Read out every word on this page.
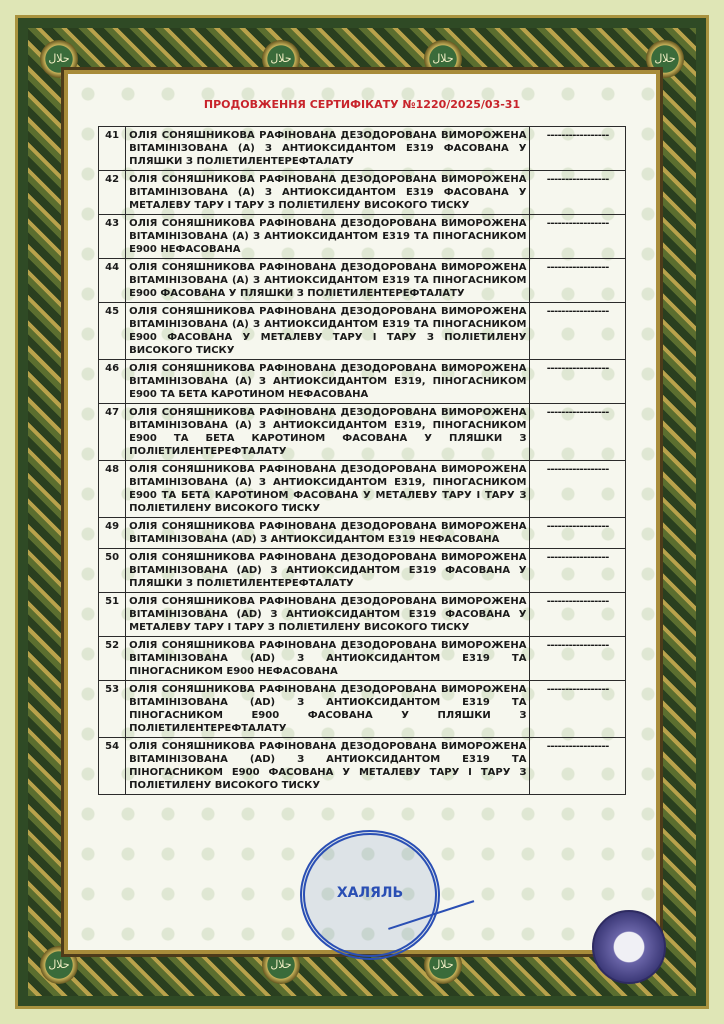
حلال	حلال	حلال	حلال
حلال	حلال	حلال
ПРОДОВЖЕННЯ СЕРТИФІКАТУ №1220/2025/03-31
41	ОЛІЯ СОНЯШНИКОВА РАФІНОВАНА ДЕЗОДОРОВАНА ВИМОРОЖЕНА ВІТАМІНІЗОВАНА (А) З АНТИОКСИДАНТОМ Е319 ФАСОВАНА У ПЛЯШКИ З ПОЛІЕТИЛЕНТЕРЕФТАЛАТУ	-----------------
42	ОЛІЯ СОНЯШНИКОВА РАФІНОВАНА ДЕЗОДОРОВАНА ВИМОРОЖЕНА ВІТАМІНІЗОВАНА (А) З АНТИОКСИДАНТОМ Е319 ФАСОВАНА У МЕТАЛЕВУ ТАРУ І ТАРУ З ПОЛІЕТИЛЕНУ ВИСОКОГО ТИСКУ	-----------------
43	ОЛІЯ СОНЯШНИКОВА РАФІНОВАНА ДЕЗОДОРОВАНА ВИМОРОЖЕНА ВІТАМІНІЗОВАНА (А) З АНТИОКСИДАНТОМ Е319 ТА ПІНОГАСНИКОМ Е900 НЕФАСОВАНА	-----------------
44	ОЛІЯ СОНЯШНИКОВА РАФІНОВАНА ДЕЗОДОРОВАНА ВИМОРОЖЕНА ВІТАМІНІЗОВАНА (А) З АНТИОКСИДАНТОМ Е319 ТА ПІНОГАСНИКОМ Е900 ФАСОВАНА У ПЛЯШКИ З ПОЛІЕТИЛЕНТЕРЕФТАЛАТУ	-----------------
45	ОЛІЯ СОНЯШНИКОВА РАФІНОВАНА ДЕЗОДОРОВАНА ВИМОРОЖЕНА ВІТАМІНІЗОВАНА (А) З АНТИОКСИДАНТОМ Е319 ТА ПІНОГАСНИКОМ Е900 ФАСОВАНА У МЕТАЛЕВУ ТАРУ І ТАРУ З ПОЛІЕТИЛЕНУ ВИСОКОГО ТИСКУ	-----------------
46	ОЛІЯ СОНЯШНИКОВА РАФІНОВАНА ДЕЗОДОРОВАНА ВИМОРОЖЕНА ВІТАМІНІЗОВАНА (А) З АНТИОКСИДАНТОМ Е319, ПІНОГАСНИКОМ Е900 ТА БЕТА КАРОТИНОМ НЕФАСОВАНА	-----------------
47	ОЛІЯ СОНЯШНИКОВА РАФІНОВАНА ДЕЗОДОРОВАНА ВИМОРОЖЕНА ВІТАМІНІЗОВАНА (А) З АНТИОКСИДАНТОМ Е319, ПІНОГАСНИКОМ Е900 ТА БЕТА КАРОТИНОМ ФАСОВАНА У ПЛЯШКИ З ПОЛІЕТИЛЕНТЕРЕФТАЛАТУ	-----------------
48	ОЛІЯ СОНЯШНИКОВА РАФІНОВАНА ДЕЗОДОРОВАНА ВИМОРОЖЕНА ВІТАМІНІЗОВАНА (А) З АНТИОКСИДАНТОМ Е319, ПІНОГАСНИКОМ Е900 ТА БЕТА КАРОТИНОМ ФАСОВАНА У МЕТАЛЕВУ ТАРУ І ТАРУ З ПОЛІЕТИЛЕНУ ВИСОКОГО ТИСКУ	-----------------
49	ОЛІЯ СОНЯШНИКОВА РАФІНОВАНА ДЕЗОДОРОВАНА ВИМОРОЖЕНА ВІТАМІНІЗОВАНА (AD) З АНТИОКСИДАНТОМ Е319 НЕФАСОВАНА	-----------------
50	ОЛІЯ СОНЯШНИКОВА РАФІНОВАНА ДЕЗОДОРОВАНА ВИМОРОЖЕНА ВІТАМІНІЗОВАНА (AD) З АНТИОКСИДАНТОМ Е319 ФАСОВАНА У ПЛЯШКИ З ПОЛІЕТИЛЕНТЕРЕФТАЛАТУ	-----------------
51	ОЛІЯ СОНЯШНИКОВА РАФІНОВАНА ДЕЗОДОРОВАНА ВИМОРОЖЕНА ВІТАМІНІЗОВАНА (AD) З АНТИОКСИДАНТОМ Е319 ФАСОВАНА У МЕТАЛЕВУ ТАРУ І ТАРУ З ПОЛІЕТИЛЕНУ ВИСОКОГО ТИСКУ	-----------------
52	ОЛІЯ СОНЯШНИКОВА РАФІНОВАНА ДЕЗОДОРОВАНА ВИМОРОЖЕНА ВІТАМІНІЗОВАНА (AD) З АНТИОКСИДАНТОМ Е319 ТА ПІНОГАСНИКОМ Е900 НЕФАСОВАНА	-----------------
53	ОЛІЯ СОНЯШНИКОВА РАФІНОВАНА ДЕЗОДОРОВАНА ВИМОРОЖЕНА ВІТАМІНІЗОВАНА (AD) З АНТИОКСИДАНТОМ Е319 ТА ПІНОГАСНИКОМ Е900 ФАСОВАНА У ПЛЯШКИ З ПОЛІЕТИЛЕНТЕРЕФТАЛАТУ	-----------------
54	ОЛІЯ СОНЯШНИКОВА РАФІНОВАНА ДЕЗОДОРОВАНА ВИМОРОЖЕНА ВІТАМІНІЗОВАНА (AD) З АНТИОКСИДАНТОМ Е319 ТА ПІНОГАСНИКОМ Е900 ФАСОВАНА У МЕТАЛЕВУ ТАРУ І ТАРУ З ПОЛІЕТИЛЕНУ ВИСОКОГО ТИСКУ	-----------------
ХАЛЯЛЬ
